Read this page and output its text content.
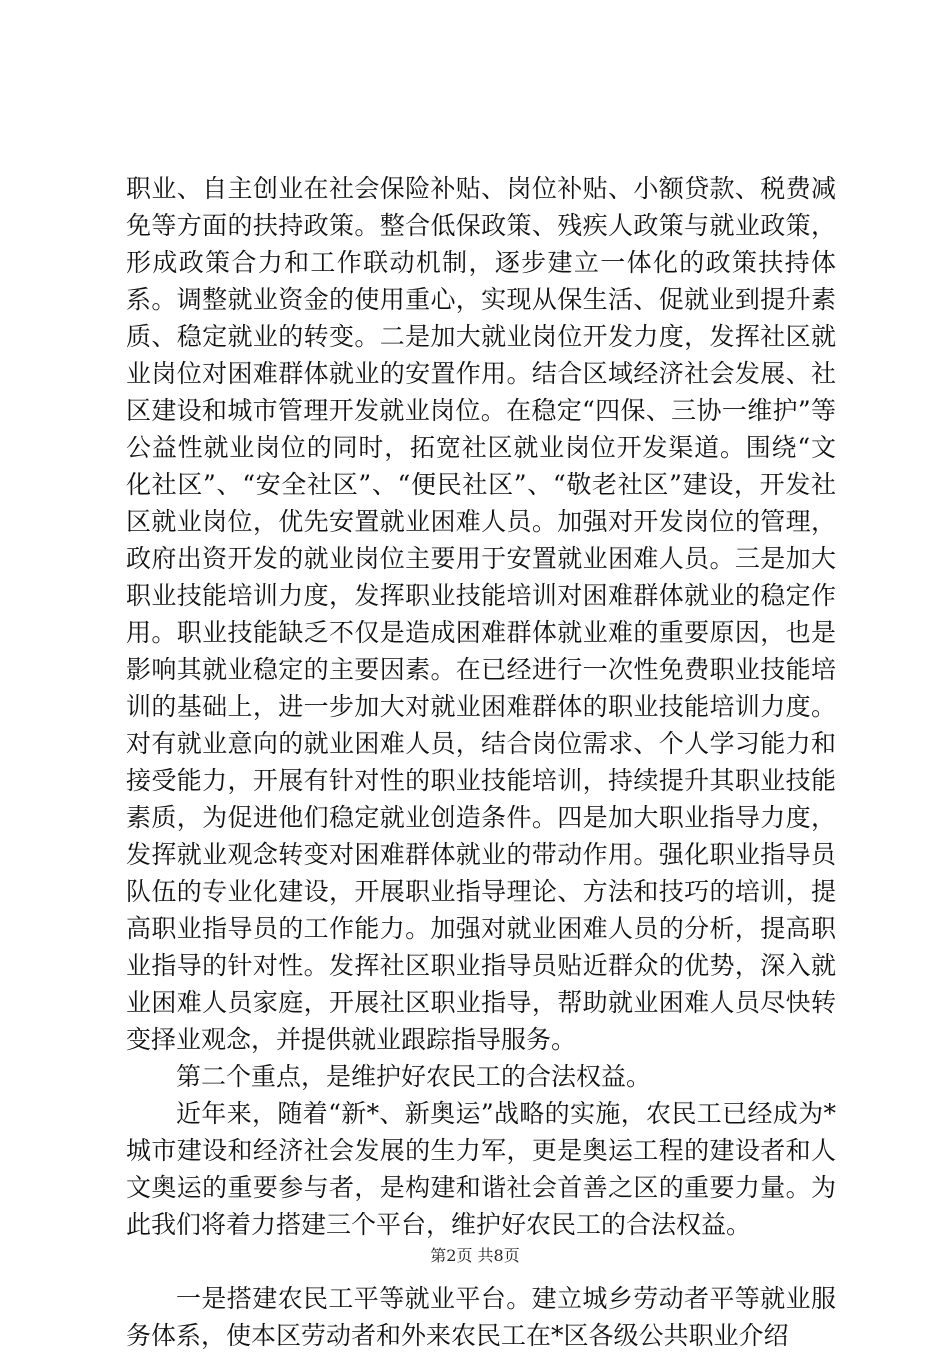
职业、自主创业在社会保险补贴、岗位补贴、小额贷款、税费减免等方面的扶持政策。整合低保政策、残疾人政策与就业政策，形成政策合力和工作联动机制，逐步建立一体化的政策扶持体系。调整就业资金的使用重心，实现从保生活、促就业到提升素质、稳定就业的转变。二是加大就业岗位开发力度，发挥社区就业岗位对困难群体就业的安置作用。结合区域经济社会发展、社区建设和城市管理开发就业岗位。在稳定“四保、三协一维护”等公益性就业岗位的同时，拓宽社区就业岗位开发渠道。围绕“文化社区”、“安全社区”、“便民社区”、“敬老社区”建设，开发社区就业岗位，优先安置就业困难人员。加强对开发岗位的管理，政府出资开发的就业岗位主要用于安置就业困难人员。三是加大职业技能培训力度，发挥职业技能培训对困难群体就业的稳定作用。职业技能缺乏不仅是造成困难群体就业难的重要原因，也是影响其就业稳定的主要因素。在已经进行一次性免费职业技能培训的基础上，进一步加大对就业困难群体的职业技能培训力度。对有就业意向的就业困难人员，结合岗位需求、个人学习能力和接受能力，开展有针对性的职业技能培训，持续提升其职业技能素质，为促进他们稳定就业创造条件。四是加大职业指导力度，发挥就业观念转变对困难群体就业的带动作用。强化职业指导员队伍的专业化建设，开展职业指导理论、方法和技巧的培训，提高职业指导员的工作能力。加强对就业困难人员的分析，提高职业指导的针对性。发挥社区职业指导员贴近群众的优势，深入就业困难人员家庭，开展社区职业指导，帮助就业困难人员尽快转变择业观念，并提供就业跟踪指导服务。

第二个重点，是维护好农民工的合法权益。

近年来，随着“新*、新奥运”战略的实施，农民工已经成为*城市建设和经济社会发展的生力军，更是奥运工程的建设者和人文奥运的重要参与者，是构建和谐社会首善之区的重要力量。为此我们将着力搭建三个平台，维护好农民工的合法权益。

一是搭建农民工平等就业平台。建立城乡劳动者平等就业服务体系，使本区劳动者和外来农民工在*区各级公共职业介绍

第2页 共8页
